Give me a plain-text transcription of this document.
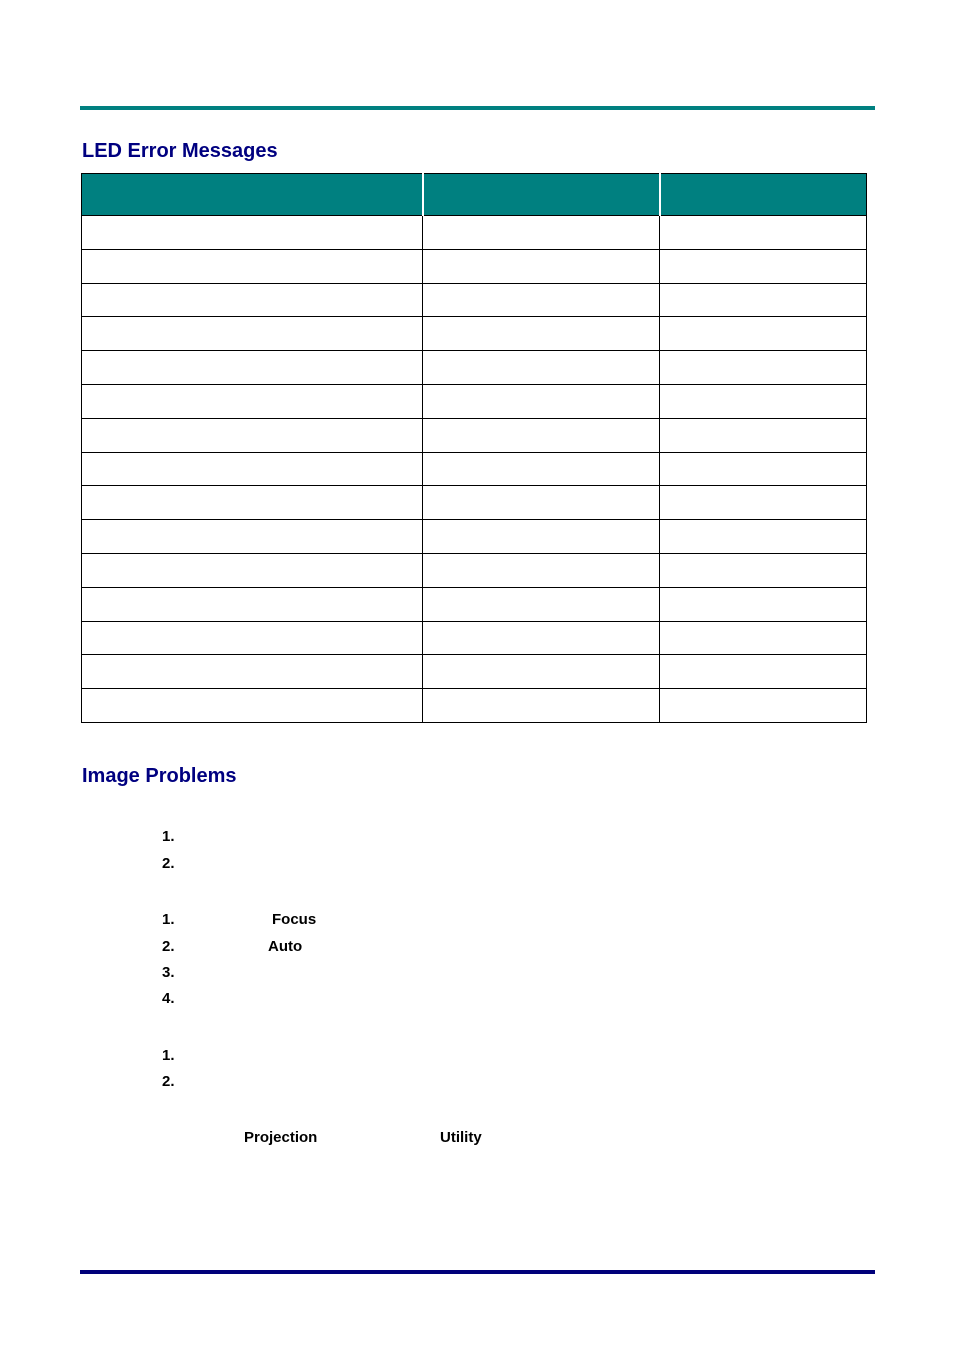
LED Error Messages

Image Problems
1.
2.
1.	Focus
2.	Auto
3.
4.
1.
2.
Projection	Utility
